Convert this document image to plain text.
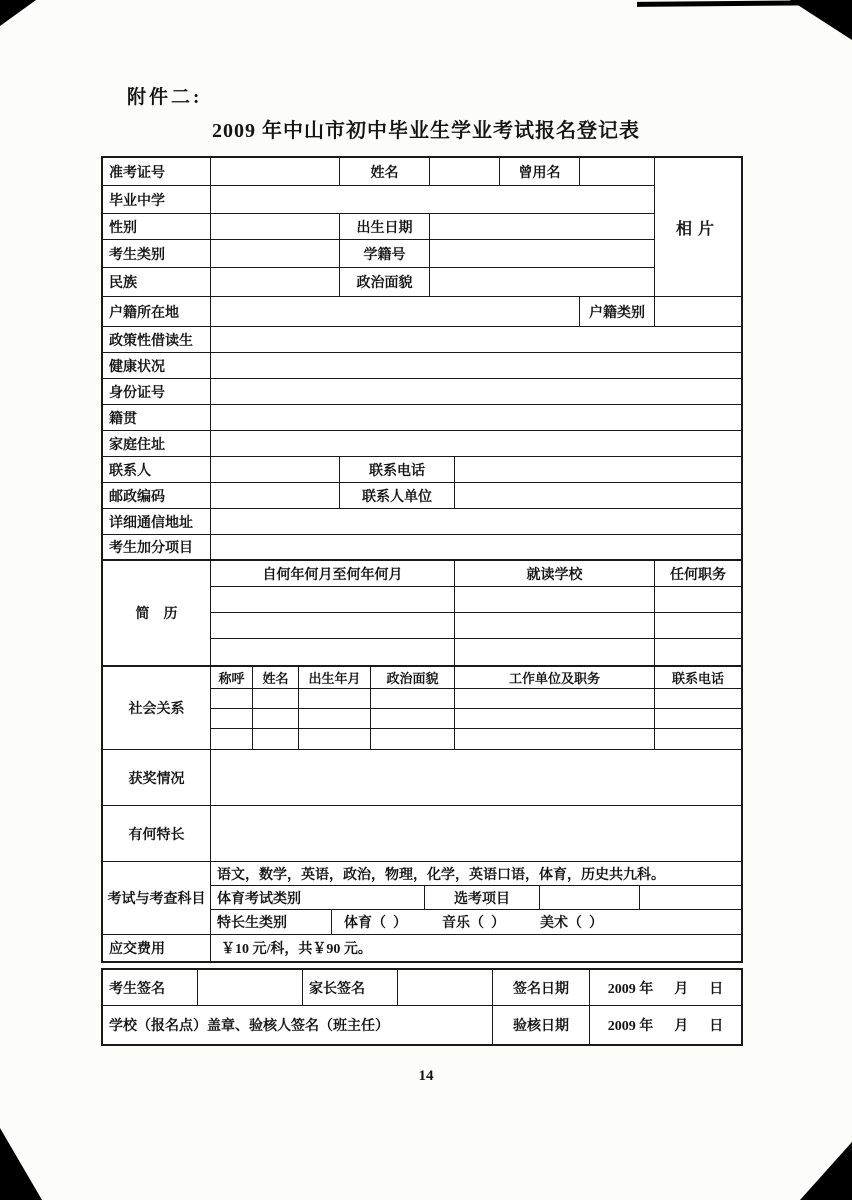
附件二:
2009 年中山市初中毕业生学业考试报名登记表
准考证号	姓名	曾用名
毕业中学
性别	出生日期
考生类别	学籍号
民族	政治面貌
相片
户籍所在地	户籍类别
政策性借读生
健康状况
身份证号
籍贯
家庭住址
联系人	联系电话
邮政编码	联系人单位
详细通信地址
考生加分项目
简    历
自何年何月至何年何月	就读学校	任何职务
社会关系
称呼	姓名	出生年月	政治面貌	工作单位及职务	联系电话
获奖情况
有何特长
考试与考查科目
语文，数学，英语，政治，物理，化学，英语口语，体育，历史共九科。
体育考试类别	选考项目
特长生类别	体育（  ）          音乐（  ）          美术（  ）
应交费用	￥10 元/科，共￥90 元。
考生签名	家长签名	签名日期	2009 年      月      日
学校（报名点）盖章、验核人签名（班主任）	验核日期	2009 年      月      日
14
